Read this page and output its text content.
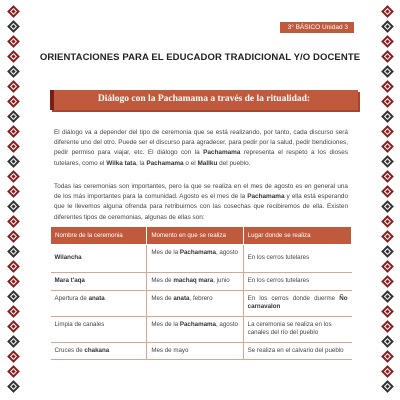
3° BÁSICO Unidad 3
ORIENTACIONES PARA EL EDUCADOR TRADICIONAL Y/O DOCENTE
Diálogo con la Pachamama a través de la ritualidad:
El diálogo va a depender del tipo de ceremonia que se está realizando, por tanto, cada discurso será diferente uno del otro. Puede ser el discurso para agradecer, para pedir por la salud, pedir bendiciones, pedir permiso para viajar, etc. El diálogo con la Pachamama representa el respeto a los dioses tutelares, como el Wilka tata, la Pachamama o el Mallku del pueblo.
Todas las ceremonias son importantes, pero la que se realiza en el mes de agosto es en general una de los más importantes para la comunidad. Agosto es el mes de la Pachamama y ella está esperando que le llevemos alguna ofrenda para retribuirnos con las cosechas que recibiremos de ella. Existen diferentes tipos de ceremonias, algunas de ellas son:
Nombre de la ceremonia	Momento en que se realiza	Lugar donde se realiza
Wilancha	Mes de la Pachamama, agosto	En los cerros tutelares
Mara t'aqa	Mes de machaq mara, junio	En los cerros tutelares
Apertura de anata	Mes de anata, febrero	En los cerros donde duerme Ño carnavalon
Limpia de canales	Mes de la Pachamama, agosto	La ceremonia se realiza en los canales del río del pueblo
Cruces de chakana	Mes de mayo	Se realiza en el calvario del pueblo
